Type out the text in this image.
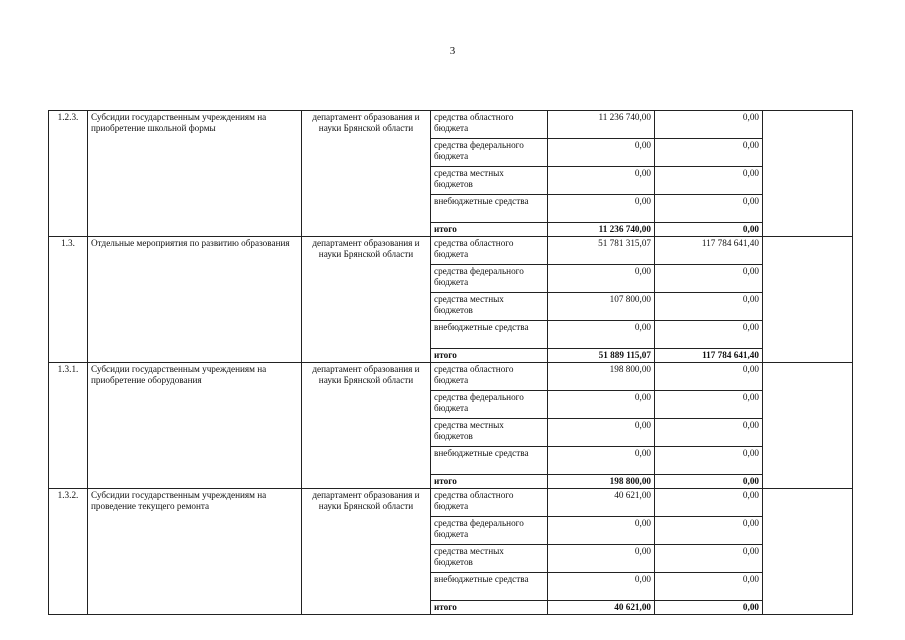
3
1.2.3.	Субсидии государственным учреждениям на приобретение школьной формы	департамент образования и науки Брянской области	средства областного бюджета	11 236 740,00	0,00	
			средства федерального бюджета	0,00	0,00	
			средства местных бюджетов	0,00	0,00	
			внебюджетные средства	0,00	0,00	
			итого	11 236 740,00	0,00	
1.3.	Отдельные мероприятия по развитию образования	департамент образования и науки Брянской области	средства областного бюджета	51 781 315,07	117 784 641,40	
			средства федерального бюджета	0,00	0,00	
			средства местных бюджетов	107 800,00	0,00	
			внебюджетные средства	0,00	0,00	
			итого	51 889 115,07	117 784 641,40	
1.3.1.	Субсидии государственным учреждениям на приобретение оборудования	департамент образования и науки Брянской области	средства областного бюджета	198 800,00	0,00	
			средства федерального бюджета	0,00	0,00	
			средства местных бюджетов	0,00	0,00	
			внебюджетные средства	0,00	0,00	
			итого	198 800,00	0,00	
1.3.2.	Субсидии государственным учреждениям на проведение текущего ремонта	департамент образования и науки Брянской области	средства областного бюджета	40 621,00	0,00	
			средства федерального бюджета	0,00	0,00	
			средства местных бюджетов	0,00	0,00	
			внебюджетные средства	0,00	0,00	
			итого	40 621,00	0,00	
